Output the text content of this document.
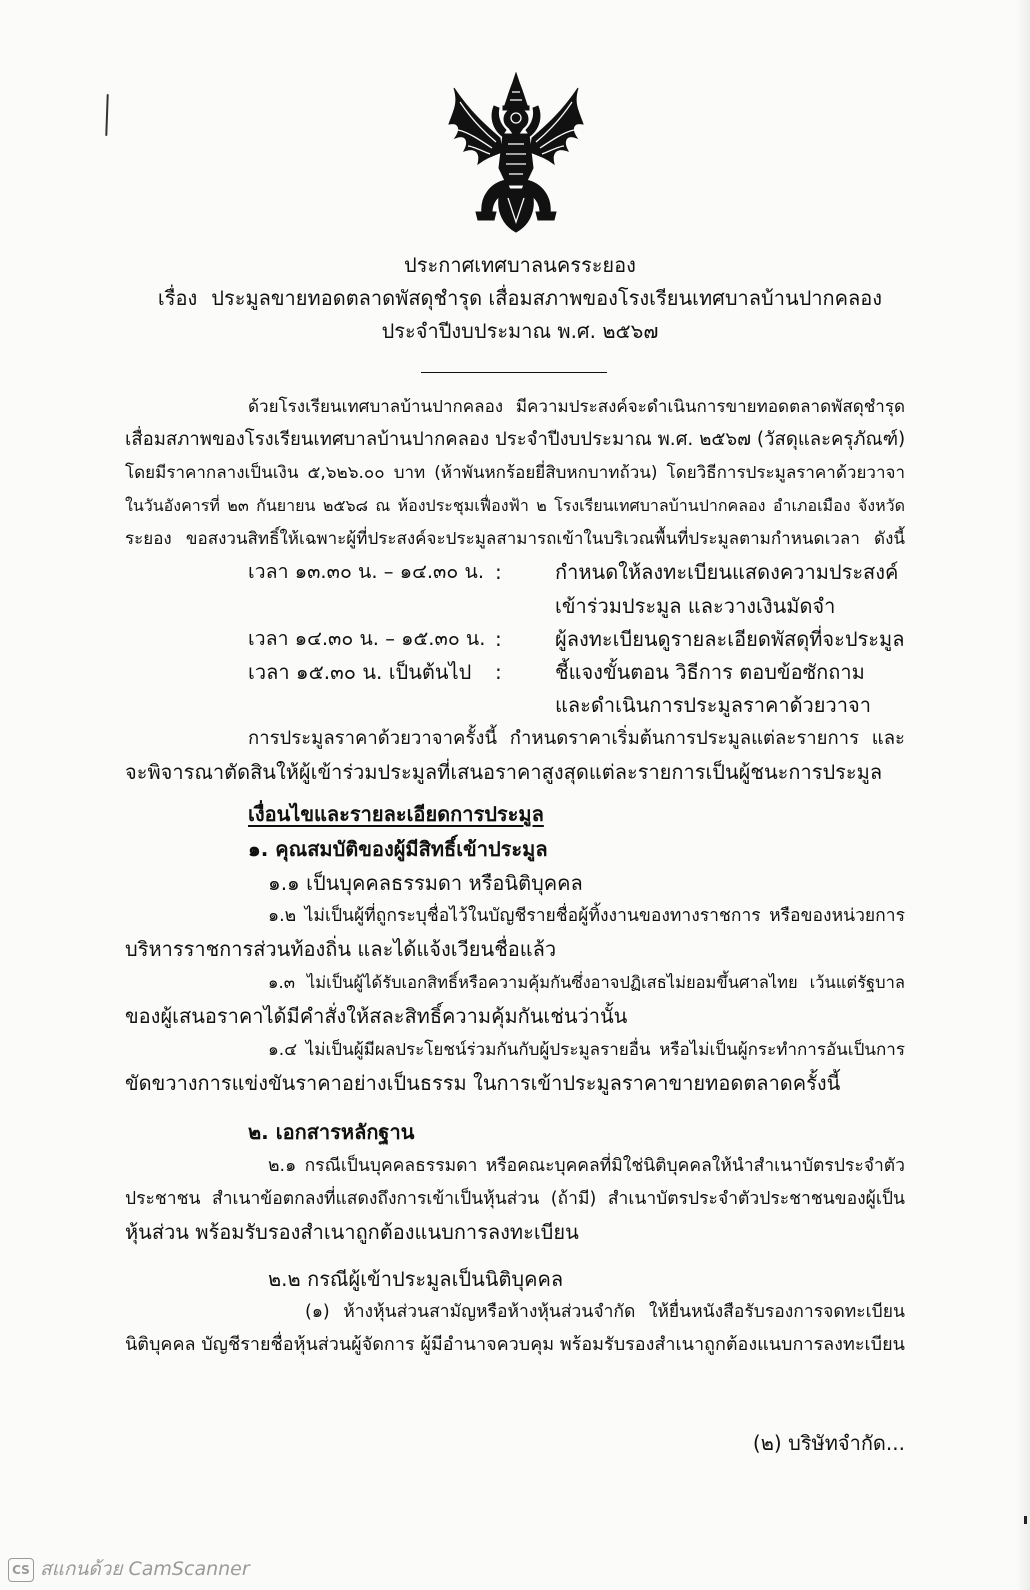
ประกาศเทศบาลนครระยอง
เรื่อง ประมูลขายทอดตลาดพัสดุชำรุด เสื่อมสภาพของโรงเรียนเทศบาลบ้านปากคลอง
ประจำปีงบประมาณ พ.ศ. ๒๕๖๗
ด้วยโรงเรียนเทศบาลบ้านปากคลอง มีความประสงค์จะดำเนินการขายทอดตลาดพัสดุชำรุด
เสื่อมสภาพของโรงเรียนเทศบาลบ้านปากคลอง ประจำปีงบประมาณ พ.ศ. ๒๕๖๗ (วัสดุและครุภัณฑ์)
โดยมีราคากลางเป็นเงิน ๕,๖๒๖.๐๐ บาท (ห้าพันหกร้อยยี่สิบหกบาทถ้วน) โดยวิธีการประมูลราคาด้วยวาจา
ในวันอังคารที่ ๒๓ กันยายน ๒๕๖๘ ณ ห้องประชุมเฟื่องฟ้า ๒ โรงเรียนเทศบาลบ้านปากคลอง อำเภอเมือง จังหวัด
ระยอง ขอสงวนสิทธิ์ให้เฉพาะผู้ที่ประสงค์จะประมูลสามารถเข้าในบริเวณพื้นที่ประมูลตามกำหนดเวลา ดังนี้
เวลา ๑๓.๓๐ น. – ๑๔.๓๐ น. :	กำหนดให้ลงทะเบียนแสดงความประสงค์
เข้าร่วมประมูล และวางเงินมัดจำ
เวลา ๑๔.๓๐ น. – ๑๕.๓๐ น. :	ผู้ลงทะเบียนดูรายละเอียดพัสดุที่จะประมูล
เวลา ๑๕.๓๐ น. เป็นต้นไป	:	ชี้แจงขั้นตอน วิธีการ ตอบข้อซักถาม
และดำเนินการประมูลราคาด้วยวาจา
การประมูลราคาด้วยวาจาครั้งนี้ กำหนดราคาเริ่มต้นการประมูลแต่ละรายการ และ
จะพิจารณาตัดสินให้ผู้เข้าร่วมประมูลที่เสนอราคาสูงสุดแต่ละรายการเป็นผู้ชนะการประมูล
เงื่อนไขและรายละเอียดการประมูล
๑. คุณสมบัติของผู้มีสิทธิ์เข้าประมูล
๑.๑ เป็นบุคคลธรรมดา หรือนิติบุคคล
๑.๒ ไม่เป็นผู้ที่ถูกระบุชื่อไว้ในบัญชีรายชื่อผู้ทิ้งงานของทางราชการ หรือของหน่วยการ
บริหารราชการส่วนท้องถิ่น และได้แจ้งเวียนชื่อแล้ว
๑.๓ ไม่เป็นผู้ได้รับเอกสิทธิ์หรือความคุ้มกันซึ่งอาจปฏิเสธไม่ยอมขึ้นศาลไทย เว้นแต่รัฐบาล
ของผู้เสนอราคาได้มีคำสั่งให้สละสิทธิ์ความคุ้มกันเช่นว่านั้น
๑.๔ ไม่เป็นผู้มีผลประโยชน์ร่วมกันกับผู้ประมูลรายอื่น หรือไม่เป็นผู้กระทำการอันเป็นการ
ขัดขวางการแข่งขันราคาอย่างเป็นธรรม ในการเข้าประมูลราคาขายทอดตลาดครั้งนี้
๒. เอกสารหลักฐาน
๒.๑ กรณีเป็นบุคคลธรรมดา หรือคณะบุคคลที่มิใช่นิติบุคคลให้นำสำเนาบัตรประจำตัว
ประชาชน สำเนาข้อตกลงที่แสดงถึงการเข้าเป็นหุ้นส่วน (ถ้ามี) สำเนาบัตรประจำตัวประชาชนของผู้เป็น
หุ้นส่วน พร้อมรับรองสำเนาถูกต้องแนบการลงทะเบียน
๒.๒ กรณีผู้เข้าประมูลเป็นนิติบุคคล
(๑) ห้างหุ้นส่วนสามัญหรือห้างหุ้นส่วนจำกัด ให้ยื่นหนังสือรับรองการจดทะเบียน
นิติบุคคล บัญชีรายชื่อหุ้นส่วนผู้จัดการ ผู้มีอำนาจควบคุม พร้อมรับรองสำเนาถูกต้องแนบการลงทะเบียน
(๒) บริษัทจำกัด...
CS สแกนด้วย CamScanner
